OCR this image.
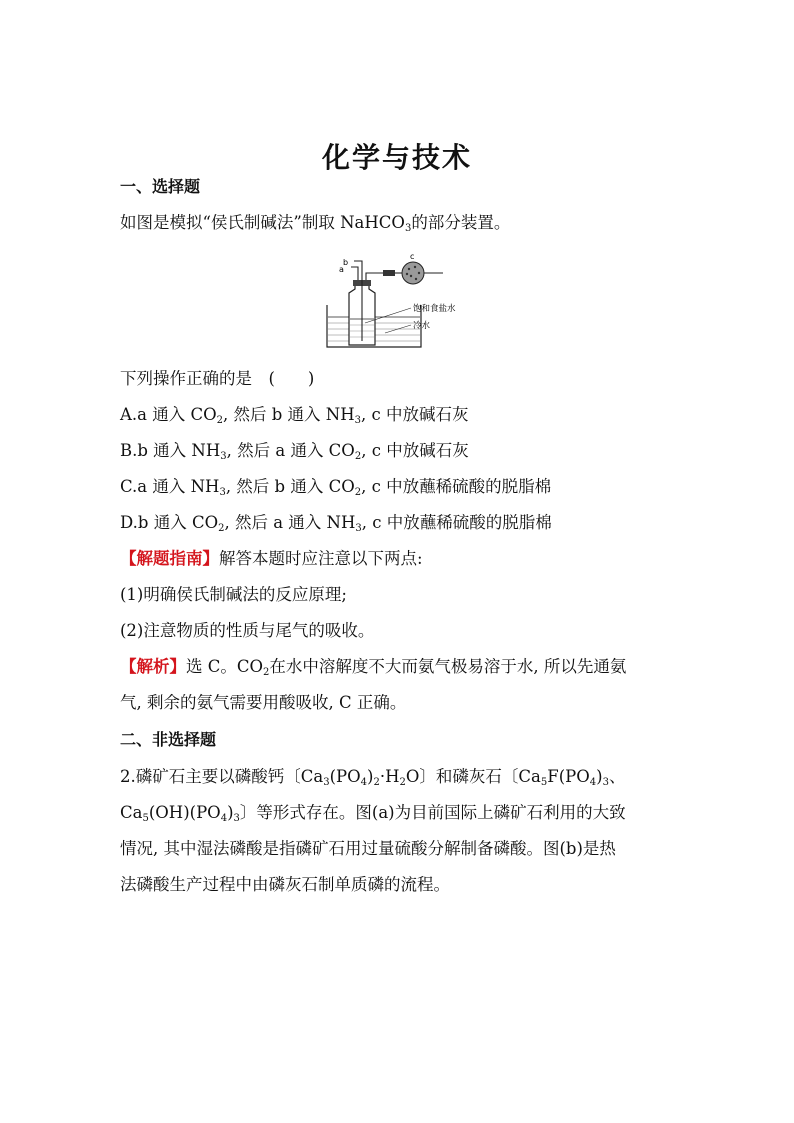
化学与技术
一、选择题
如图是模拟“侯氏制碱法”制取 NaHCO$_3$的部分装置。
b
a
c
饱和食盐水
冷水
下列操作正确的是　(　　)
A.a 通入 $CO_2$, 然后 b 通入 $NH_3$, c 中放碱石灰
B.b 通入 $NH_3$, 然后 a 通入 $CO_2$, c 中放碱石灰
C.a 通入 $NH_3$, 然后 b 通入 $CO_2$, c 中放蘸稀硫酸的脱脂棉
D.b 通入 $CO_2$, 然后 a 通入 $NH_3$, c 中放蘸稀硫酸的脱脂棉
【解题指南】解答本题时应注意以下两点:
(1)明确侯氏制碱法的反应原理;
(2)注意物质的性质与尾气的吸收。
【解析】选 C。$CO_2$在水中溶解度不大而氨气极易溶于水, 所以先通氨
气, 剩余的氨气需要用酸吸收, C 正确。
二、非选择题
2.磷矿石主要以磷酸钙〔$Ca_3(PO_4)_2\cdot H_2O$〕和磷灰石〔$Ca_5F(PO_4)_3$、
$Ca_5(OH)(PO_4)_3$〕等形式存在。图(a)为目前国际上磷矿石利用的大致
情况, 其中湿法磷酸是指磷矿石用过量硫酸分解制备磷酸。图(b)是热
法磷酸生产过程中由磷灰石制单质磷的流程。
